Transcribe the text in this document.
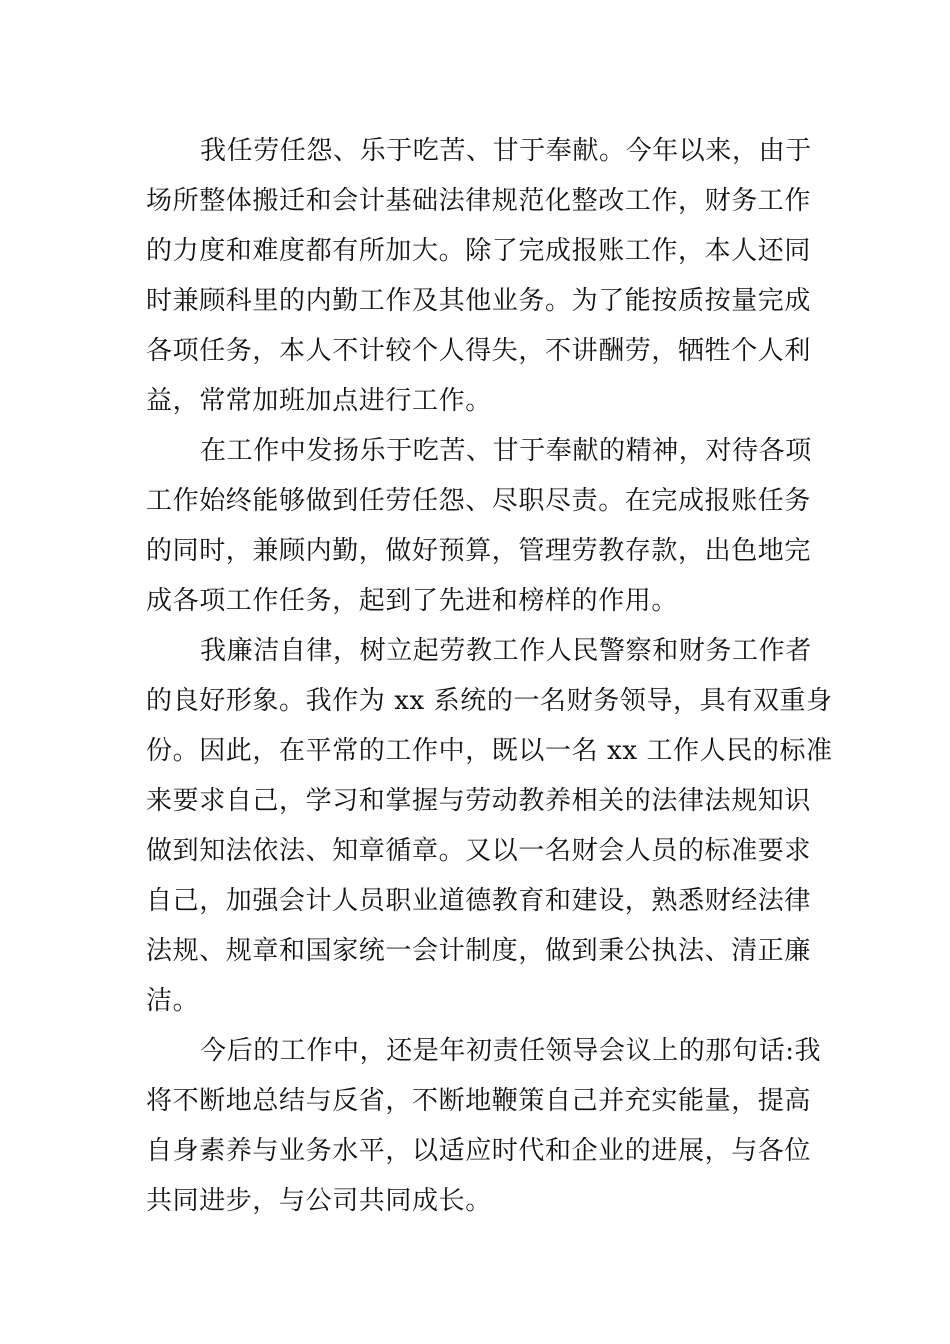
我任劳任怨、乐于吃苦、甘于奉献。今年以来，由于
场所整体搬迁和会计基础法律规范化整改工作，财务工作
的力度和难度都有所加大。除了完成报账工作，本人还同
时兼顾科里的内勤工作及其他业务。为了能按质按量完成
各项任务，本人不计较个人得失，不讲酬劳，牺牲个人利
益，常常加班加点进行工作。
在工作中发扬乐于吃苦、甘于奉献的精神，对待各项
工作始终能够做到任劳任怨、尽职尽责。在完成报账任务
的同时，兼顾内勤，做好预算，管理劳教存款，出色地完
成各项工作任务，起到了先进和榜样的作用。
我廉洁自律，树立起劳教工作人民警察和财务工作者
的良好形象。我作为 xx 系统的一名财务领导，具有双重身
份。因此，在平常的工作中，既以一名 xx 工作人民的标准
来要求自己，学习和掌握与劳动教养相关的法律法规知识
做到知法依法、知章循章。又以一名财会人员的标准要求
自己，加强会计人员职业道德教育和建设，熟悉财经法律
法规、规章和国家统一会计制度，做到秉公执法、清正廉
洁。
今后的工作中，还是年初责任领导会议上的那句话:我
将不断地总结与反省，不断地鞭策自己并充实能量，提高
自身素养与业务水平，以适应时代和企业的进展，与各位
共同进步，与公司共同成长。
